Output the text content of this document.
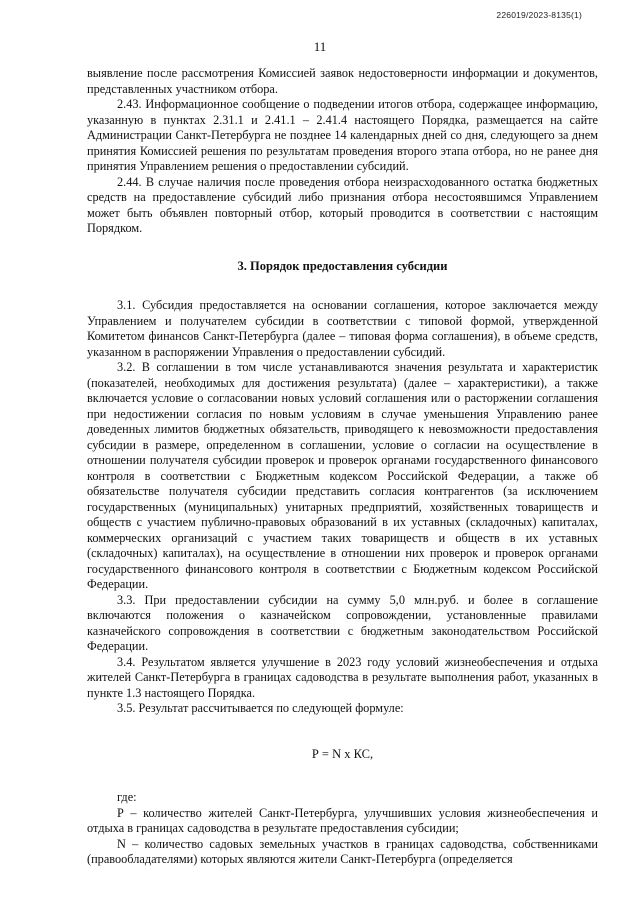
226019/2023-8135(1)
11

выявление после рассмотрения Комиссией заявок недостоверности информации и документов, представленных участником отбора.

2.43. Информационное сообщение о подведении итогов отбора, содержащее информацию, указанную в пунктах 2.31.1 и 2.41.1 – 2.41.4 настоящего Порядка, размещается на сайте Администрации Санкт-Петербурга не позднее 14 календарных дней со дня, следующего за днем принятия Комиссией решения по результатам проведения второго этапа отбора, но не ранее дня принятия Управлением решения о предоставлении субсидий.

2.44. В случае наличия после проведения отбора неизрасходованного остатка бюджетных средств на предоставление субсидий либо признания отбора несостоявшимся Управлением может быть объявлен повторный отбор, который проводится в соответствии с настоящим Порядком.

3. Порядок предоставления субсидии

3.1. Субсидия предоставляется на основании соглашения, которое заключается между Управлением и получателем субсидии в соответствии с типовой формой, утвержденной Комитетом финансов Санкт-Петербурга (далее – типовая форма соглашения), в объеме средств, указанном в распоряжении Управления о предоставлении субсидий.

3.2. В соглашении в том числе устанавливаются значения результата и характеристик (показателей, необходимых для достижения результата) (далее – характеристики), а также включается условие о согласовании новых условий соглашения или о расторжении соглашения при недостижении согласия по новым условиям в случае уменьшения Управлению ранее доведенных лимитов бюджетных обязательств, приводящего к невозможности предоставления субсидии в размере, определенном в соглашении, условие о согласии на осуществление в отношении получателя субсидии проверок и проверок органами государственного финансового контроля в соответствии с Бюджетным кодексом Российской Федерации, а также об обязательстве получателя субсидии представить согласия контрагентов (за исключением государственных (муниципальных) унитарных предприятий, хозяйственных товариществ и обществ с участием публично-правовых образований в их уставных (складочных) капиталах, коммерческих организаций с участием таких товариществ и обществ в их уставных (складочных) капиталах), на осуществление в отношении них проверок и проверок органами государственного финансового контроля в соответствии с Бюджетным кодексом Российской Федерации.

3.3. При предоставлении субсидии на сумму 5,0 млн.руб. и более в соглашение включаются положения о казначейском сопровождении, установленные правилами казначейского сопровождения в соответствии с бюджетным законодательством Российской Федерации.

3.4. Результатом является улучшение в 2023 году условий жизнеобеспечения и отдыха жителей Санкт-Петербурга в границах садоводства в результате выполнения работ, указанных в пункте 1.3 настоящего Порядка.

3.5. Результат рассчитывается по следующей формуле:

Р = N x КС,

где:

Р – количество жителей Санкт-Петербурга, улучшивших условия жизнеобеспечения и отдыха в границах садоводства в результате предоставления субсидии;

N – количество садовых земельных участков в границах садоводства, собственниками (правообладателями) которых являются жители Санкт-Петербурга (определяется
